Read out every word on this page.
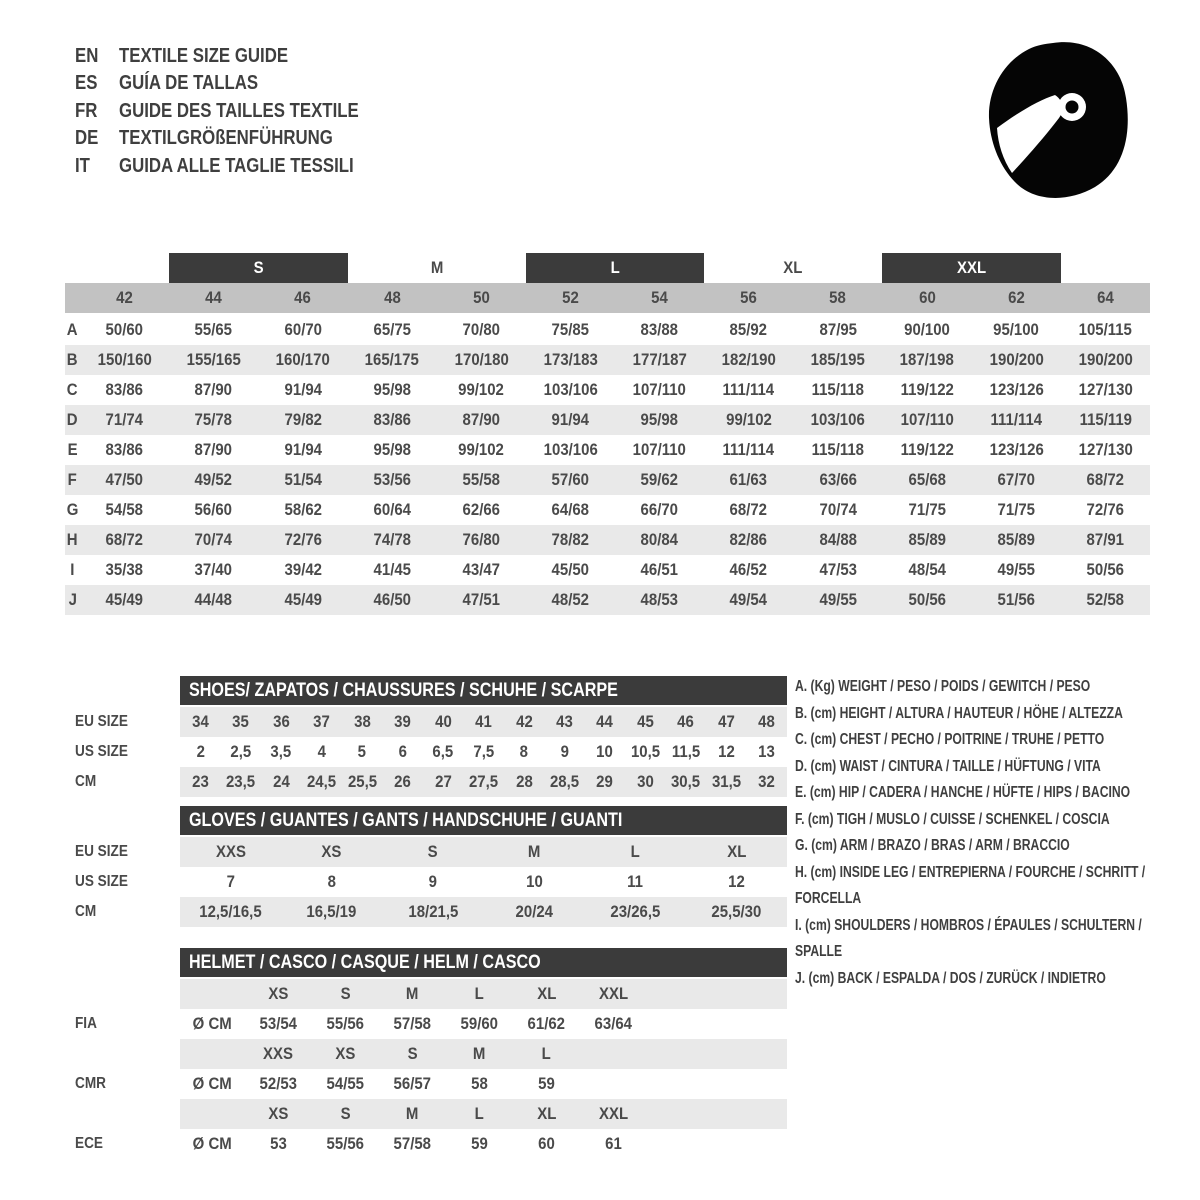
EN	TEXTILE SIZE GUIDE
ES	GUÍA DE TALLAS
FR	GUIDE DES TAILLES TEXTILE
DE	TEXTILGRÖßENFÜHRUNG
IT	GUIDA ALLE TAGLIE TESSILI
S	M	L	XL	XXL
42	44	46	48	50	52	54	56	58	60	62	64
A 50/60	55/65	60/70	65/75	70/80	75/85	83/88	85/92	87/95	90/100	95/100 105/115
B 150/160 155/165 160/170 165/175 170/180 173/183 177/187 182/190 185/195 187/198 190/200 190/200
C 83/86	87/90	91/94	95/98	99/102 103/106 107/110 111/114 115/118 119/122 123/126 127/130
D 71/74	75/78	79/82	83/86	87/90	91/94	95/98	99/102 103/106 107/110 111/114 115/119
E 83/86	87/90	91/94	95/98	99/102 103/106 107/110 111/114 115/118 119/122 123/126 127/130
F 47/50	49/52	51/54	53/56	55/58	57/60	59/62	61/63	63/66	65/68	67/70	68/72
G 54/58	56/60	58/62	60/64	62/66	64/68	66/70	68/72	70/74	71/75	71/75	72/76
H 68/72	70/74	72/76	74/78	76/80	78/82	80/84	82/86	84/88	85/89	85/89	87/91
I 35/38	37/40	39/42	41/45	43/47	45/50	46/51	46/52	47/53	48/54	49/55	50/56
J 45/49	44/48	45/49	46/50	47/51	48/52	48/53	49/54	49/55	50/56	51/56	52/58
SHOES/ ZAPATOS / CHAUSSURES / SCHUHE / SCARPE
EU SIZE	34 35 36 37 38 39 40 41 42 43 44 45 46 47 48
US SIZE	2 2,5 3,5 4 5 6 6,5 7,5 8 9 10 10,5 11,5 12 13
CM	23 23,5 24 24,5 25,5 26 27 27,5 28 28,5 29 30 30,5 31,5 32
GLOVES / GUANTES / GANTS / HANDSCHUHE / GUANTI
EU SIZE	XXS	XS	S	M	L	XL
US SIZE	7	8	9	10	11	12
CM	12,5/16,5	16,5/19	18/21,5	20/24	23/26,5	25,5/30
HELMET / CASCO / CASQUE / HELM / CASCO
XS	S	M	L	XL	XXL
FIA	Ø CM 53/54 55/56 57/58 59/60 61/62 63/64
XXS XS	S	M	L
CMR	Ø CM 52/53 54/55 56/57 58	59
XS	S	M	L	XL	XXL
ECE	Ø CM 53 55/56 57/58 59	60	61
A. (Kg) WEIGHT / PESO / POIDS / GEWITCH / PESO
B. (cm) HEIGHT / ALTURA / HAUTEUR / HÖHE / ALTEZZA
C. (cm) CHEST / PECHO / POITRINE / TRUHE / PETTO
D. (cm) WAIST / CINTURA / TAILLE / HÜFTUNG / VITA
E. (cm) HIP / CADERA / HANCHE / HÜFTE / HIPS / BACINO
F. (cm) TIGH / MUSLO / CUISSE / SCHENKEL / COSCIA
G. (cm) ARM / BRAZO / BRAS / ARM / BRACCIO
H. (cm) INSIDE LEG / ENTREPIERNA / FOURCHE / SCHRITT / FORCELLA
I. (cm) SHOULDERS / HOMBROS / ÉPAULES / SCHULTERN / SPALLE
J. (cm) BACK / ESPALDA / DOS / ZURÜCK / INDIETRO
